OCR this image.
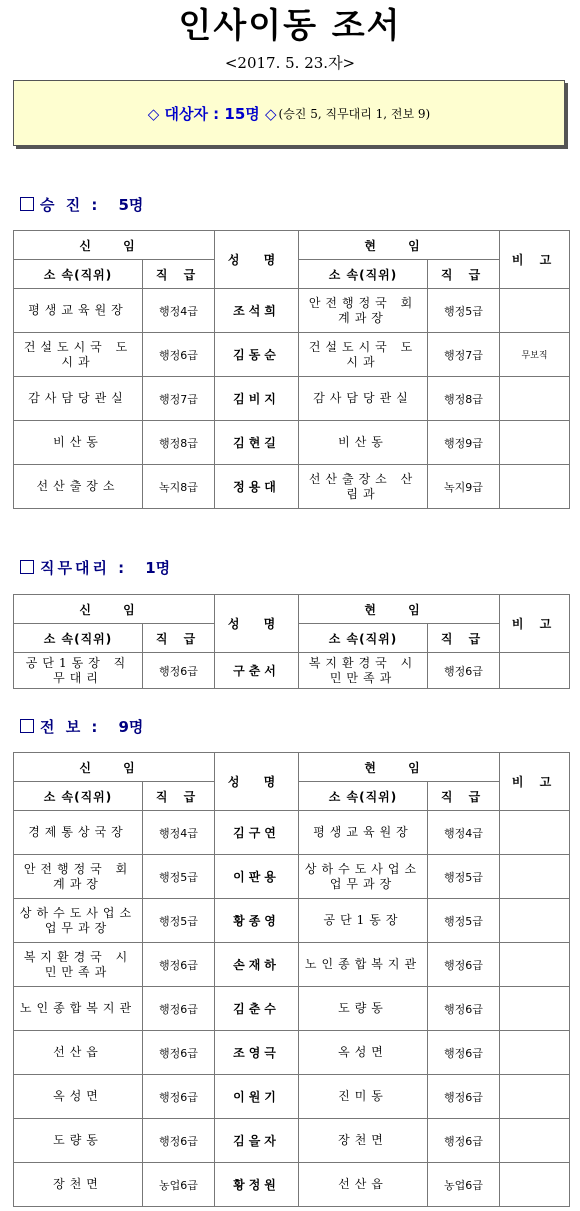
인사이동 조서
<2017. 5. 23.자>
◇ 대상자 : 15명 ◇ (승진 5, 직무대리 1, 전보 9)
승 진 : 5명
신 임		성 명	현 임		비 고
소 속(직위)	직 급		소 속(직위)	직 급	
평생교육원장	행정4급	조석희	안전행정국 회계과장	행정5급	
건설도시국 도시과	행정6급	김동순	건설도시국 도시과	행정7급	무보직
감사담당관실	행정7급	김비지	감사담당관실	행정8급	
비산동	행정8급	김현길	비산동	행정9급	
선산출장소	녹지8급	정용대	선산출장소 산림과	녹지9급	
직무대리 : 1명
신 임		성 명	현 임		비 고
소 속(직위)	직 급		소 속(직위)	직 급	
공단1동장 직무대리	행정6급	구춘서	복지환경국 시민만족과	행정6급	
전 보 : 9명
신 임		성 명	현 임		비 고
소 속(직위)	직 급		소 속(직위)	직 급	
경제통상국장	행정4급	김구연	평생교육원장	행정4급	
안전행정국 회계과장	행정5급	이판용	상하수도사업소 업무과장	행정5급	
상하수도사업소 업무과장	행정5급	황종영	공단1동장	행정5급	
복지환경국 시민만족과	행정6급	손재하	노인종합복지관	행정6급	
노인종합복지관	행정6급	김춘수	도량동	행정6급	
선산읍	행정6급	조영극	옥성면	행정6급	
옥성면	행정6급	이원기	진미동	행정6급	
도량동	행정6급	김을자	장천면	행정6급	
장천면	농업6급	황정원	선산읍	농업6급	
